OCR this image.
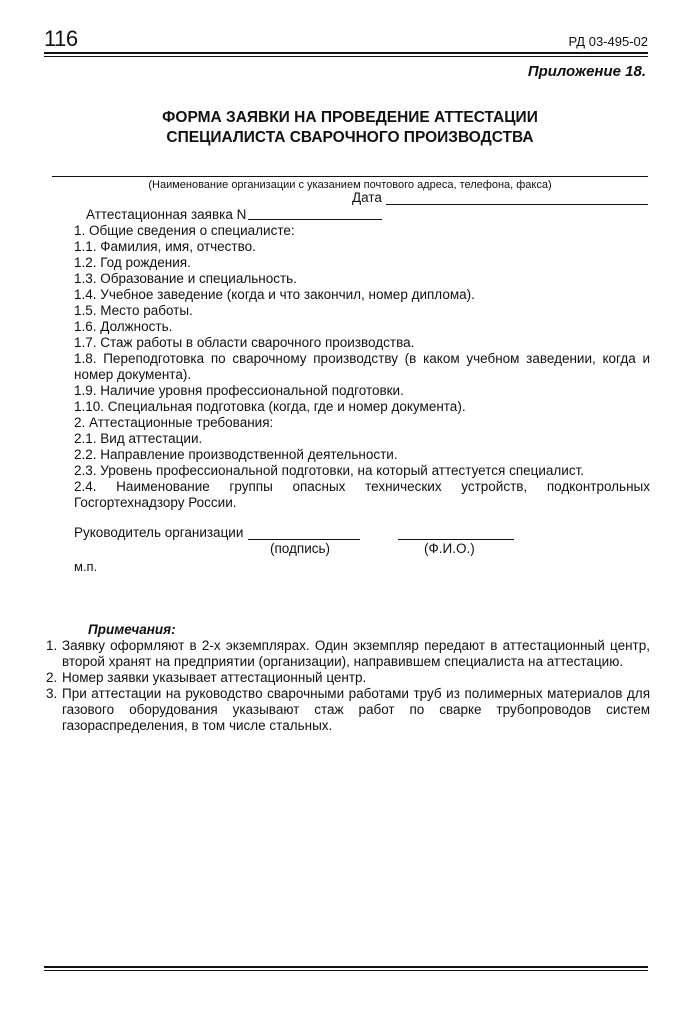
116	РД 03-495-02
Приложение 18.
ФОРМА ЗАЯВКИ НА ПРОВЕДЕНИЕ АТТЕСТАЦИИ
СПЕЦИАЛИСТА СВАРОЧНОГО ПРОИЗВОДСТВА
(Наименование организации с указанием почтового адреса, телефона, факса)
Дата
Аттестационная заявка N
1. Общие сведения о специалисте:
1.1. Фамилия, имя, отчество.
1.2. Год рождения.
1.3. Образование и специальность.
1.4. Учебное заведение (когда и что закончил, номер диплома).
1.5. Место работы.
1.6. Должность.
1.7. Стаж работы в области сварочного производства.
1.8. Переподготовка по сварочному производству (в каком учебном заведении, когда и
номер документа).
1.9. Наличие уровня профессиональной подготовки.
1.10. Специальная подготовка (когда, где и номер документа).
2. Аттестационные требования:
2.1. Вид аттестации.
2.2. Направление производственной деятельности.
2.3. Уровень профессиональной подготовки, на который аттестуется специалист.
2.4. Наименование группы опасных технических устройств, подконтрольных
Госгортехнадзору России.
Руководитель организации
(подпись)	(Ф.И.О.)
м.п.
Примечания:
1. Заявку оформляют в 2-х экземплярах. Один экземпляр передают в аттестационный центр, второй хранят на предприятии (организации), направившем специалиста на аттестацию.
2. Номер заявки указывает аттестационный центр.
3. При аттестации на руководство сварочными работами труб из полимерных материалов для газового оборудования указывают стаж работ по сварке трубопроводов систем газораспределения, в том числе стальных.
